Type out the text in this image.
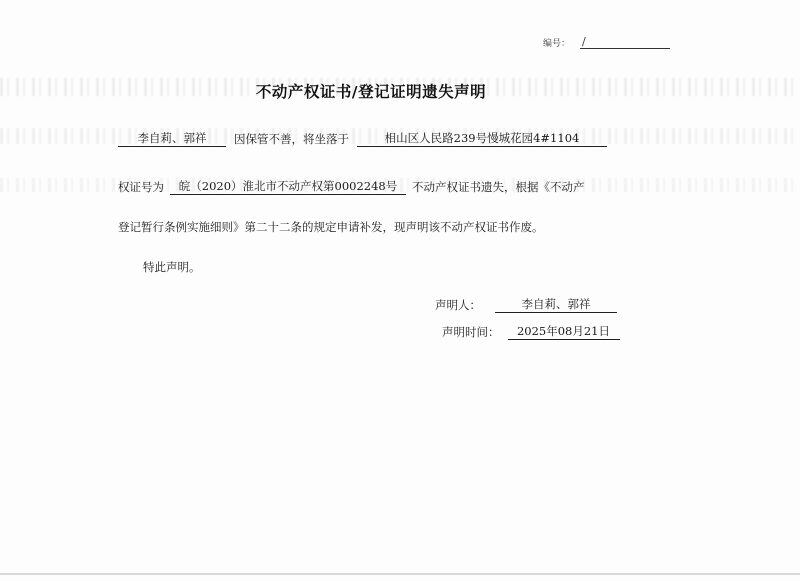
编号： /
不动产权证书/登记证明遗失声明
李自莉、郭祥	因保管不善，将坐落于	相山区人民路239号慢城花园4#1104
权证号为	皖（2020）淮北市不动产权第0002248号	不动产权证书遗失，根据《不动产
登记暂行条例实施细则》第二十二条的规定申请补发，现声明该不动产权证书作废。
特此声明。
声明人：	李自莉、郭祥
声明时间：	2025年08月21日
